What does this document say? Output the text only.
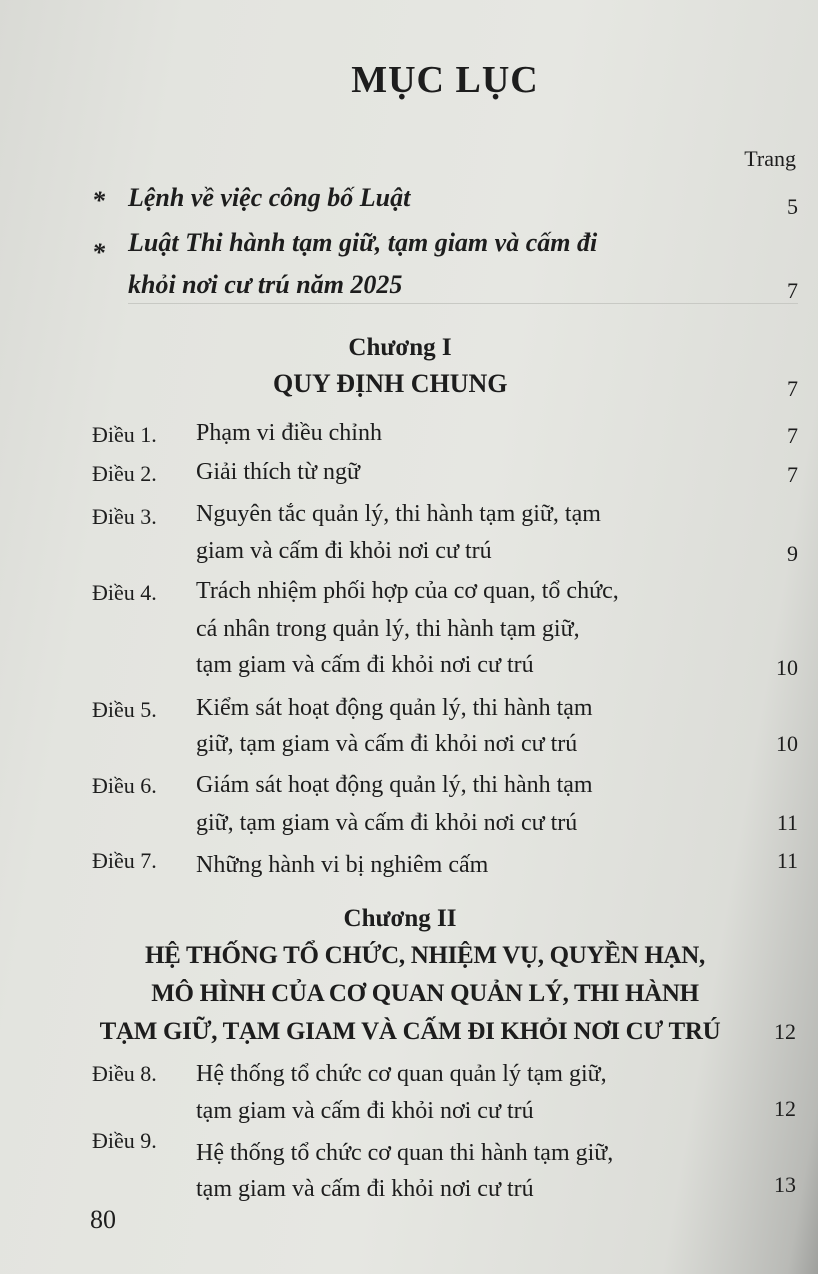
MỤC LỤC
Trang
* Lệnh về việc công bố Luật	5
* Luật Thi hành tạm giữ, tạm giam và cấm đi
khỏi nơi cư trú năm 2025	7
Chương I
QUY ĐỊNH CHUNG	7
Điều 1. Phạm vi điều chỉnh	7
Điều 2. Giải thích từ ngữ	7
Điều 3. Nguyên tắc quản lý, thi hành tạm giữ, tạm
giam và cấm đi khỏi nơi cư trú	9
Điều 4. Trách nhiệm phối hợp của cơ quan, tổ chức,
cá nhân trong quản lý, thi hành tạm giữ,
tạm giam và cấm đi khỏi nơi cư trú	10
Điều 5. Kiểm sát hoạt động quản lý, thi hành tạm
giữ, tạm giam và cấm đi khỏi nơi cư trú	10
Điều 6. Giám sát hoạt động quản lý, thi hành tạm
giữ, tạm giam và cấm đi khỏi nơi cư trú	11
Điều 7. Những hành vi bị nghiêm cấm	11
Chương II
HỆ THỐNG TỔ CHỨC, NHIỆM VỤ, QUYỀN HẠN,
MÔ HÌNH CỦA CƠ QUAN QUẢN LÝ, THI HÀNH
TẠM GIỮ, TẠM GIAM VÀ CẤM ĐI KHỎI NƠI CƯ TRÚ	12
Điều 8. Hệ thống tổ chức cơ quan quản lý tạm giữ,
tạm giam và cấm đi khỏi nơi cư trú	12
Điều 9. Hệ thống tổ chức cơ quan thi hành tạm giữ,
tạm giam và cấm đi khỏi nơi cư trú	13
80
